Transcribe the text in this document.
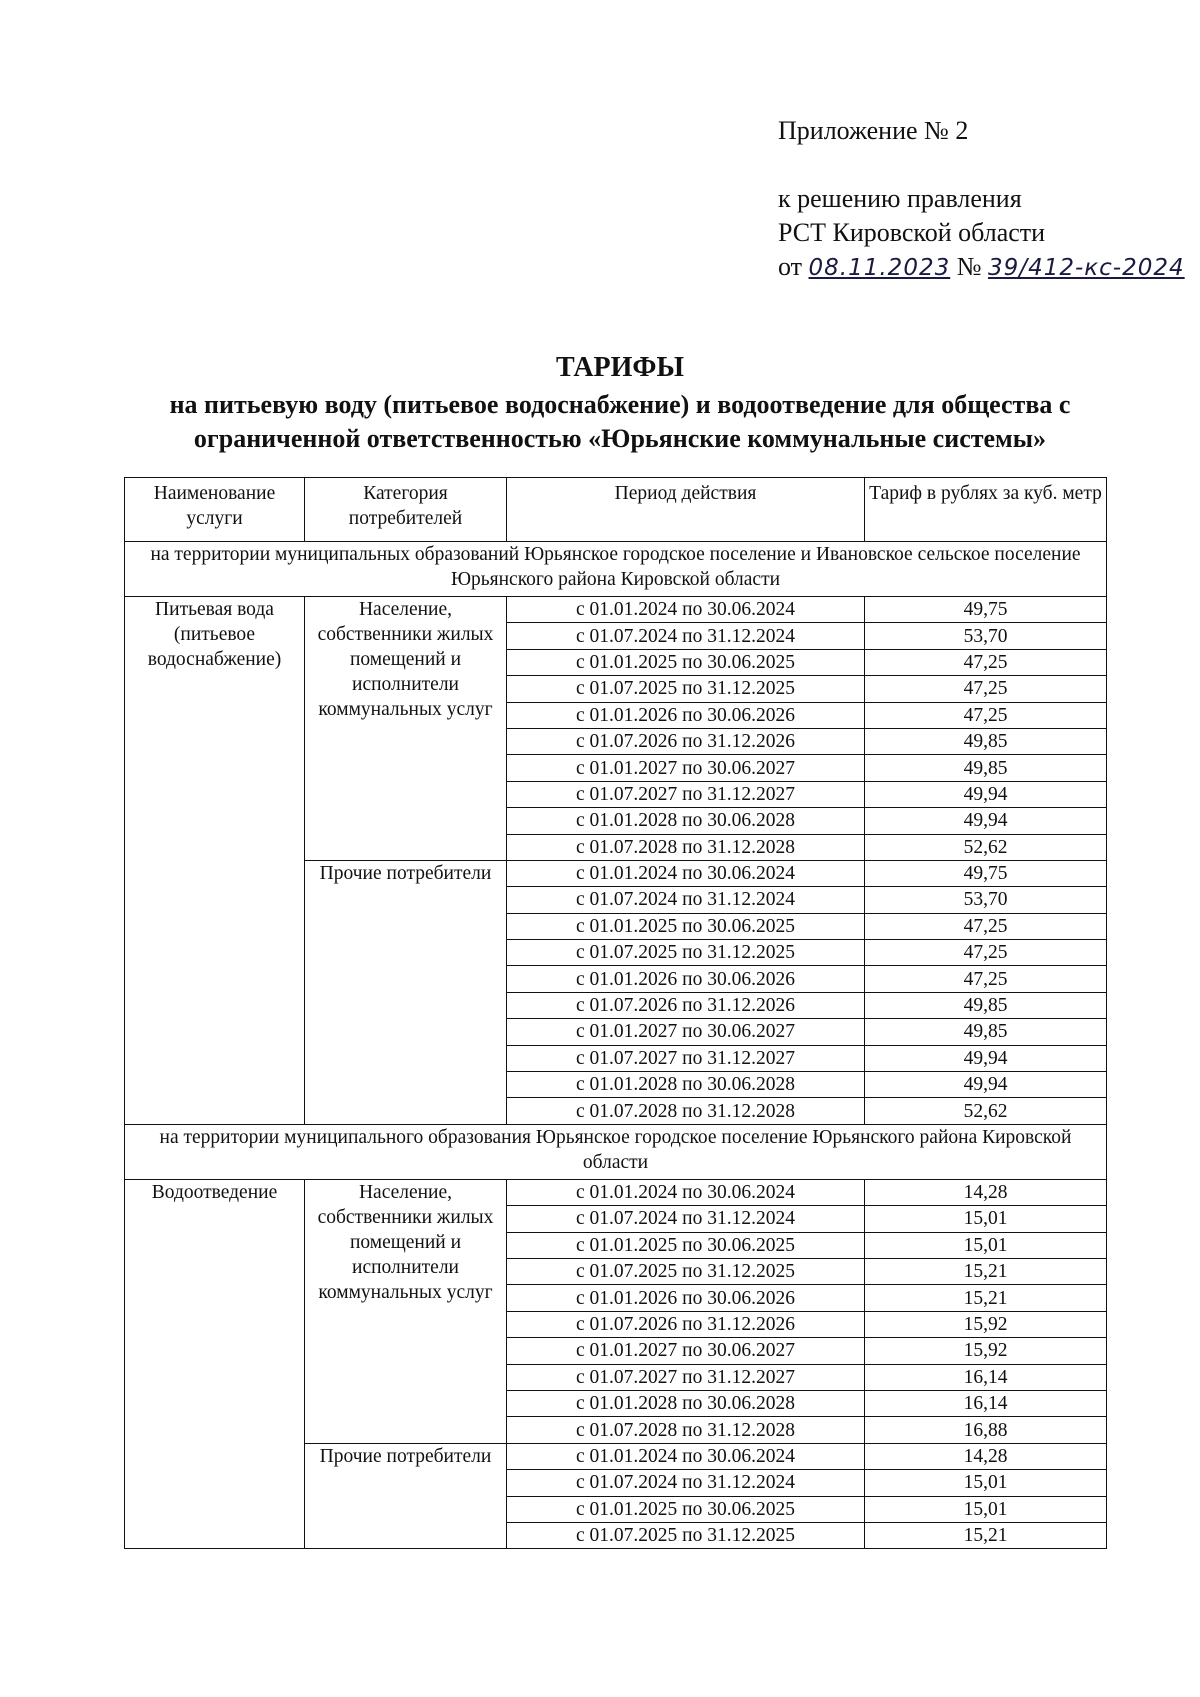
Приложение № 2
к решению правления
РСТ Кировской области
от 08.11.2023 № 39/412-кс-2024
ТАРИФЫ
на питьевую воду (питьевое водоснабжение) и водоотведение для общества с ограниченной ответственностью «Юрьянские коммунальные системы»
Наименование услуги	Категория потребителей	Период действия	Тариф в рублях за куб. метр
на территории муниципальных образований Юрьянское городское поселение и Ивановское сельское поселение Юрьянского района Кировской области			
Питьевая вода (питьевое водоснабжение)	Население, собственники жилых помещений и исполнители коммунальных услуг	с 01.01.2024 по 30.06.2024	49,75
		с 01.07.2024 по 31.12.2024	53,70
		с 01.01.2025 по 30.06.2025	47,25
		с 01.07.2025 по 31.12.2025	47,25
		с 01.01.2026 по 30.06.2026	47,25
		с 01.07.2026 по 31.12.2026	49,85
		с 01.01.2027 по 30.06.2027	49,85
		с 01.07.2027 по 31.12.2027	49,94
		с 01.01.2028 по 30.06.2028	49,94
		с 01.07.2028 по 31.12.2028	52,62
	Прочие потребители	с 01.01.2024 по 30.06.2024	49,75
		с 01.07.2024 по 31.12.2024	53,70
		с 01.01.2025 по 30.06.2025	47,25
		с 01.07.2025 по 31.12.2025	47,25
		с 01.01.2026 по 30.06.2026	47,25
		с 01.07.2026 по 31.12.2026	49,85
		с 01.01.2027 по 30.06.2027	49,85
		с 01.07.2027 по 31.12.2027	49,94
		с 01.01.2028 по 30.06.2028	49,94
		с 01.07.2028 по 31.12.2028	52,62
на территории муниципального образования Юрьянское городское поселение Юрьянского района Кировской области			
Водоотведение	Население, собственники жилых помещений и исполнители коммунальных услуг	с 01.01.2024 по 30.06.2024	14,28
		с 01.07.2024 по 31.12.2024	15,01
		с 01.01.2025 по 30.06.2025	15,01
		с 01.07.2025 по 31.12.2025	15,21
		с 01.01.2026 по 30.06.2026	15,21
		с 01.07.2026 по 31.12.2026	15,92
		с 01.01.2027 по 30.06.2027	15,92
		с 01.07.2027 по 31.12.2027	16,14
		с 01.01.2028 по 30.06.2028	16,14
		с 01.07.2028 по 31.12.2028	16,88
	Прочие потребители	с 01.01.2024 по 30.06.2024	14,28
		с 01.07.2024 по 31.12.2024	15,01
		с 01.01.2025 по 30.06.2025	15,01
		с 01.07.2025 по 31.12.2025	15,21
